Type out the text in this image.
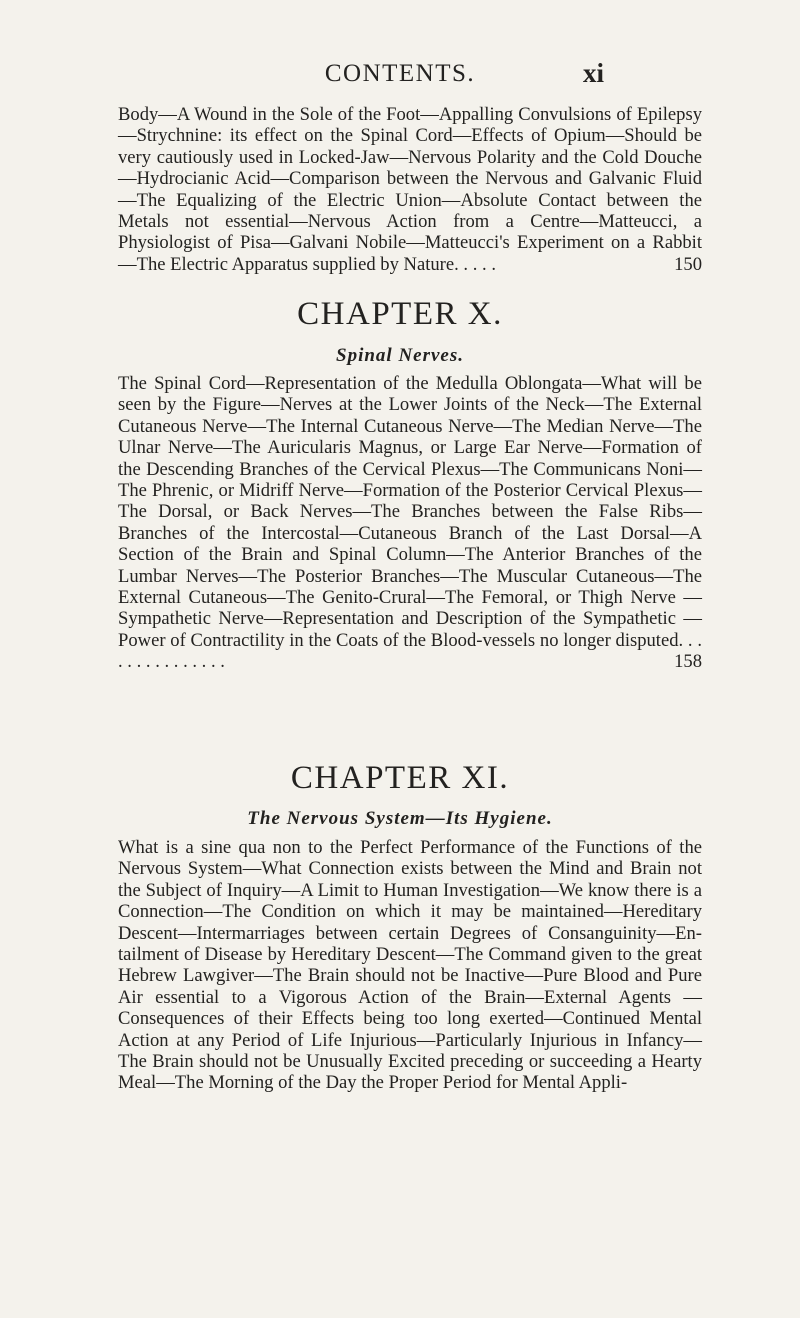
CONTENTS.	xi
Body—A Wound in the Sole of the Foot—Appalling Convulsions of Epilepsy—Strychnine: its effect on the Spinal Cord—Effects of Opium—Should be very cautiously used in Locked-Jaw—Nervous Polarity and the Cold Douche—Hydrocianic Acid—Comparison between the Nervous and Galvanic Fluid—The Equalizing of the Electric Union—Absolute Contact between the Metals not essential—Nervous Action from a Centre—Matteucci, a Physiologist of Pisa—Galvani Nobile—Matteucci's Experiment on a Rabbit —The Electric Apparatus supplied by Nature. . . . .	150
CHAPTER X.
Spinal Nerves.
The Spinal Cord—Representation of the Medulla Oblongata—What will be seen by the Figure—Nerves at the Lower Joints of the Neck—The External Cutaneous Nerve—The Internal Cutaneous Nerve—The Median Nerve—The Ulnar Nerve—The Auricularis Magnus, or Large Ear Nerve—Formation of the Descending Branches of the Cervical Plexus—The Communicans Noni—The Phrenic, or Midriff Nerve—Formation of the Posterior Cervical Plexus—The Dorsal, or Back Nerves—The Branches between the False Ribs—Branches of the Intercostal—Cutaneous Branch of the Last Dorsal—A Section of the Brain and Spinal Column—The Anterior Branches of the Lumbar Nerves—The Posterior Branches—The Muscular Cutaneous—The External Cutaneous—The Genito-Crural—The Femoral, or Thigh Nerve —Sympathetic Nerve—Representation and Description of the Sympathetic —Power of Contractility in the Coats of the Blood-vessels no longer disputed. . . . . . . . . . . . . . .	158
CHAPTER XI.
The Nervous System—Its Hygiene.
What is a sine qua non to the Perfect Performance of the Functions of the Nervous System—What Connection exists between the Mind and Brain not the Subject of Inquiry—A Limit to Human Investigation—We know there is a Connection—The Condition on which it may be maintained—Hereditary Descent—Intermarriages between certain Degrees of Consanguinity—Entailment of Disease by Hereditary Descent—The Command given to the great Hebrew Lawgiver—The Brain should not be Inactive—Pure Blood and Pure Air essential to a Vigorous Action of the Brain—External Agents —Consequences of their Effects being too long exerted—Continued Mental Action at any Period of Life Injurious—Particularly Injurious in Infancy— The Brain should not be Unusually Excited preceding or succeeding a Hearty Meal—The Morning of the Day the Proper Period for Mental Appli-
